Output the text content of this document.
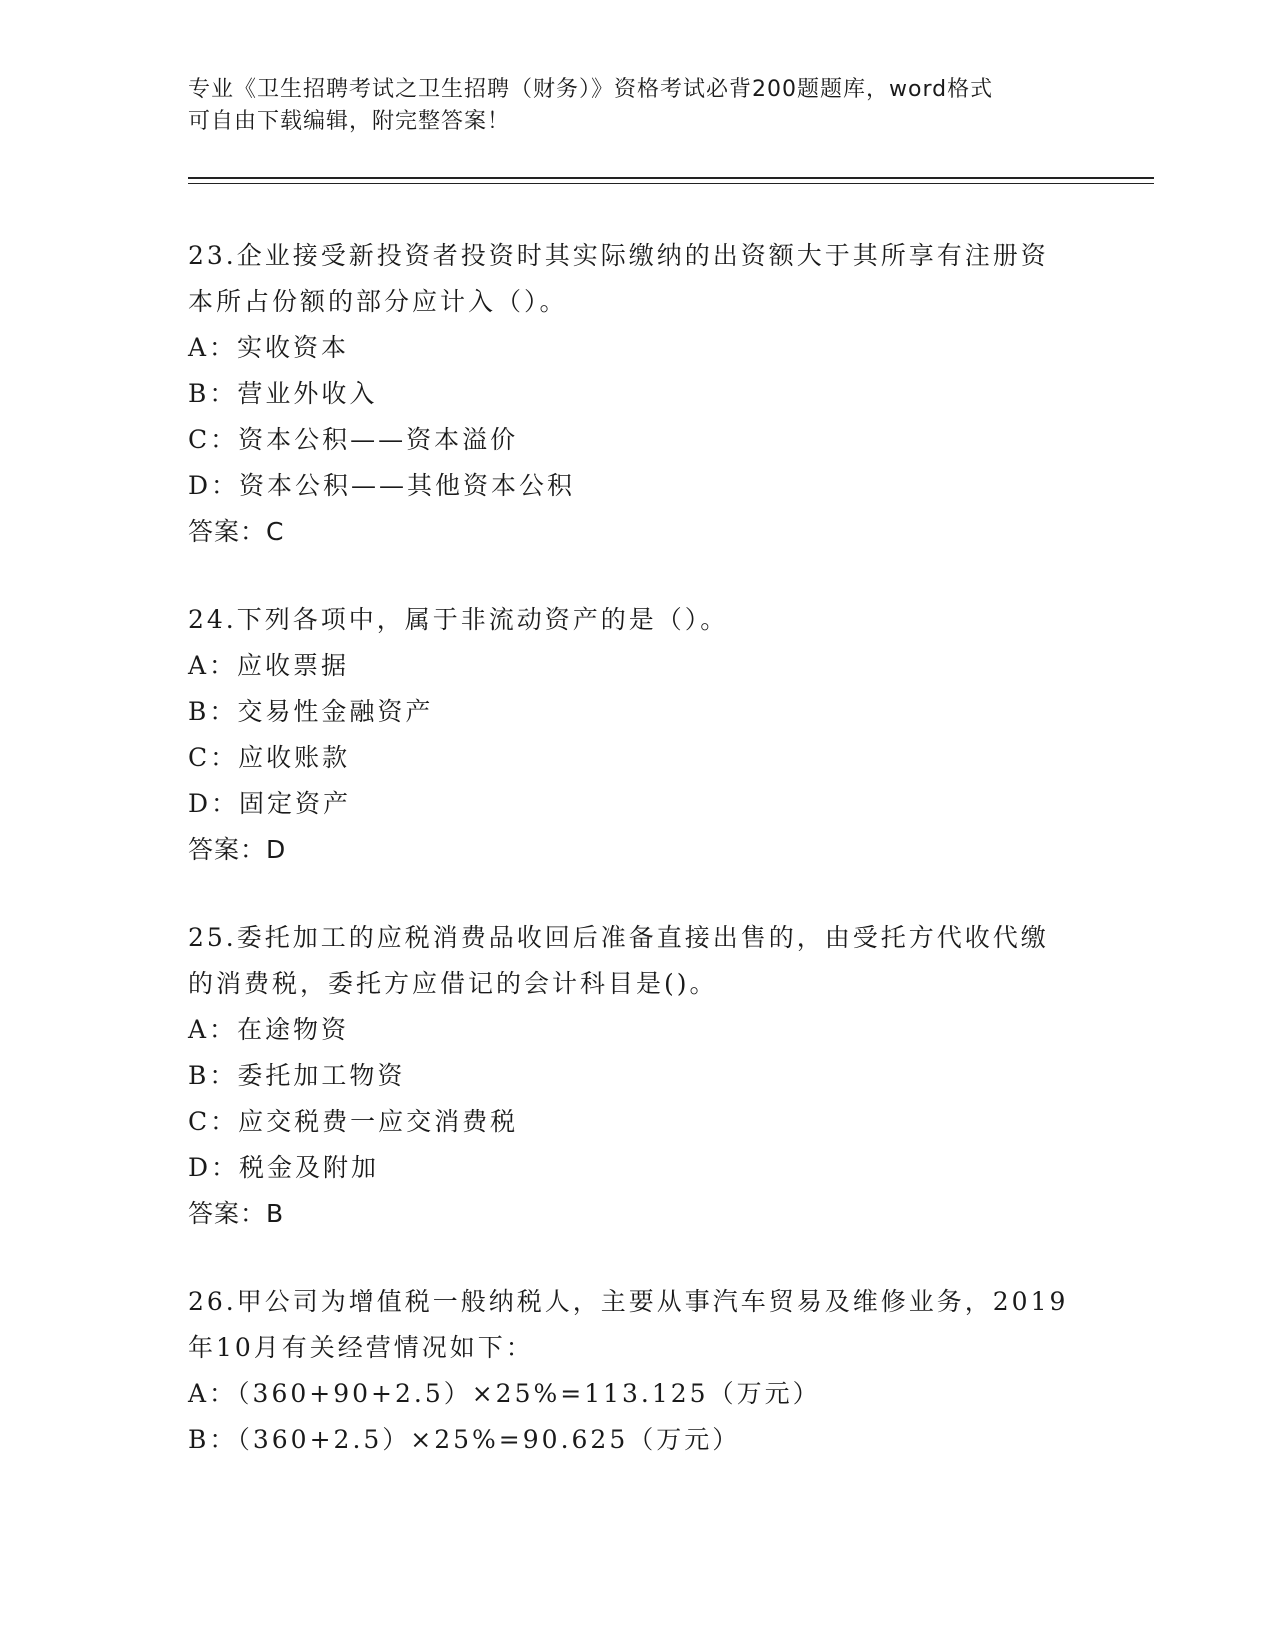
专业《卫生招聘考试之卫生招聘（财务）》资格考试必背200题题库，word格式
可自由下载编辑，附完整答案！

23.企业接受新投资者投资时其实际缴纳的出资额大于其所享有注册资

本所占份额的部分应计入（）。

A：实收资本

B：营业外收入

C：资本公积——资本溢价

D：资本公积——其他资本公积

答案：C

24.下列各项中，属于非流动资产的是（）。

A：应收票据

B：交易性金融资产

C：应收账款

D：固定资产

答案：D

25.委托加工的应税消费品收回后准备直接出售的，由受托方代收代缴

的消费税，委托方应借记的会计科目是()。

A：在途物资

B：委托加工物资

C：应交税费一应交消费税

D：税金及附加

答案：B

26.甲公司为增值税一般纳税人，主要从事汽车贸易及维修业务，2019

年10月有关经营情况如下：

A：（360+90+2.5）×25%=113.125（万元）

B：（360+2.5）×25%=90.625（万元）
